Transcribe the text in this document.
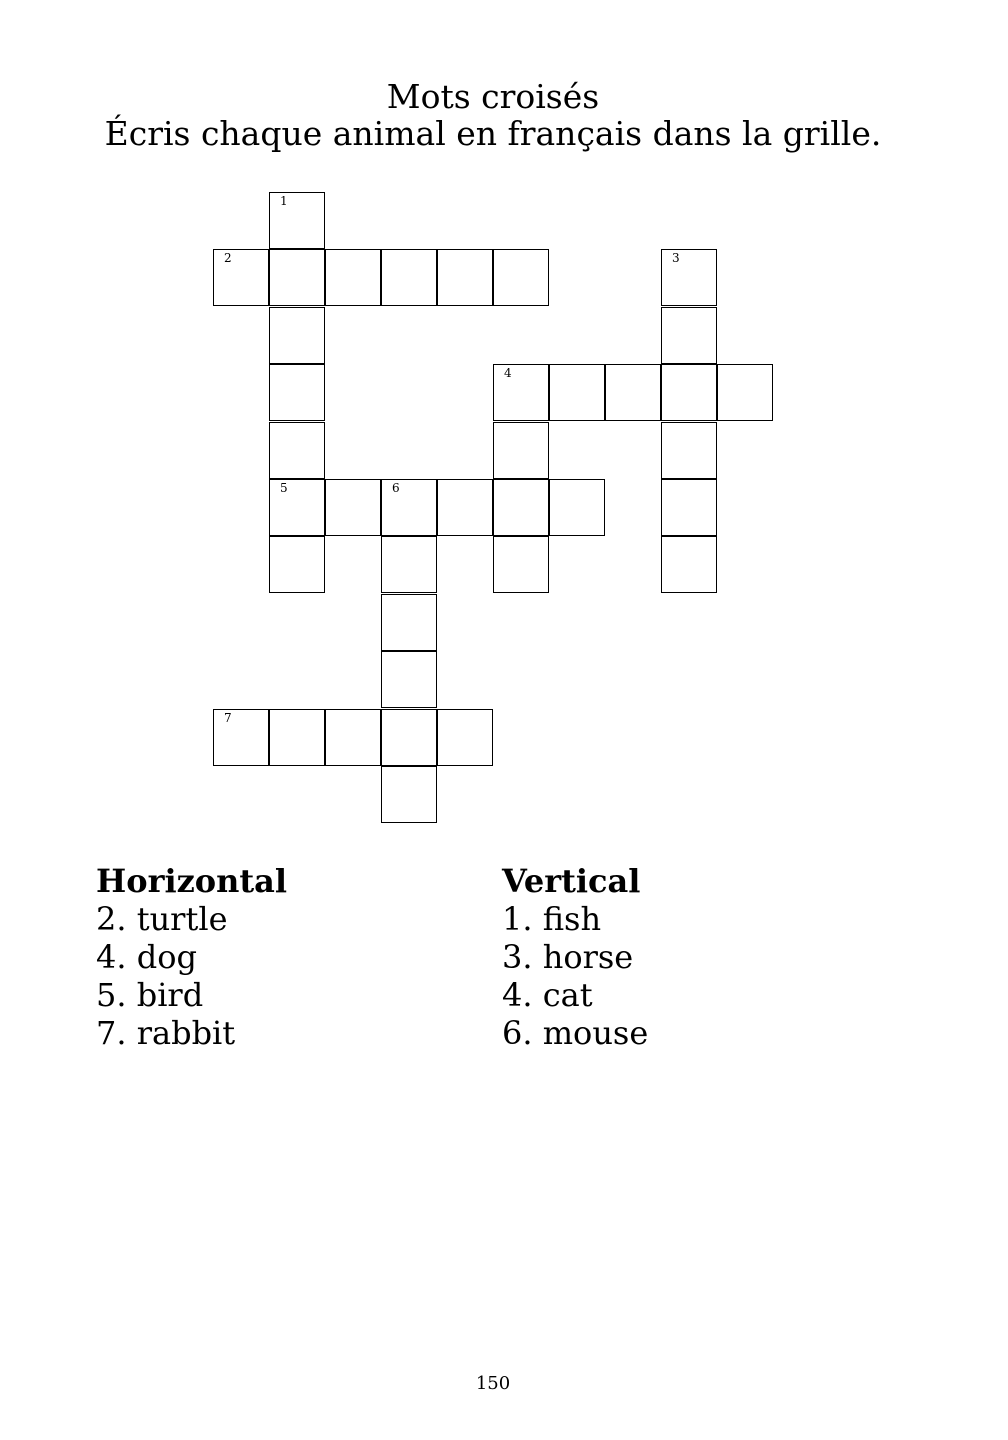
Mots croisés
Écris chaque animal en français dans la grille.
1
2	3
4
5	6
7
Horizontal
2. turtle
4. dog
5. bird
7. rabbit
Vertical
1. fish
3. horse
4. cat
6. mouse
150
